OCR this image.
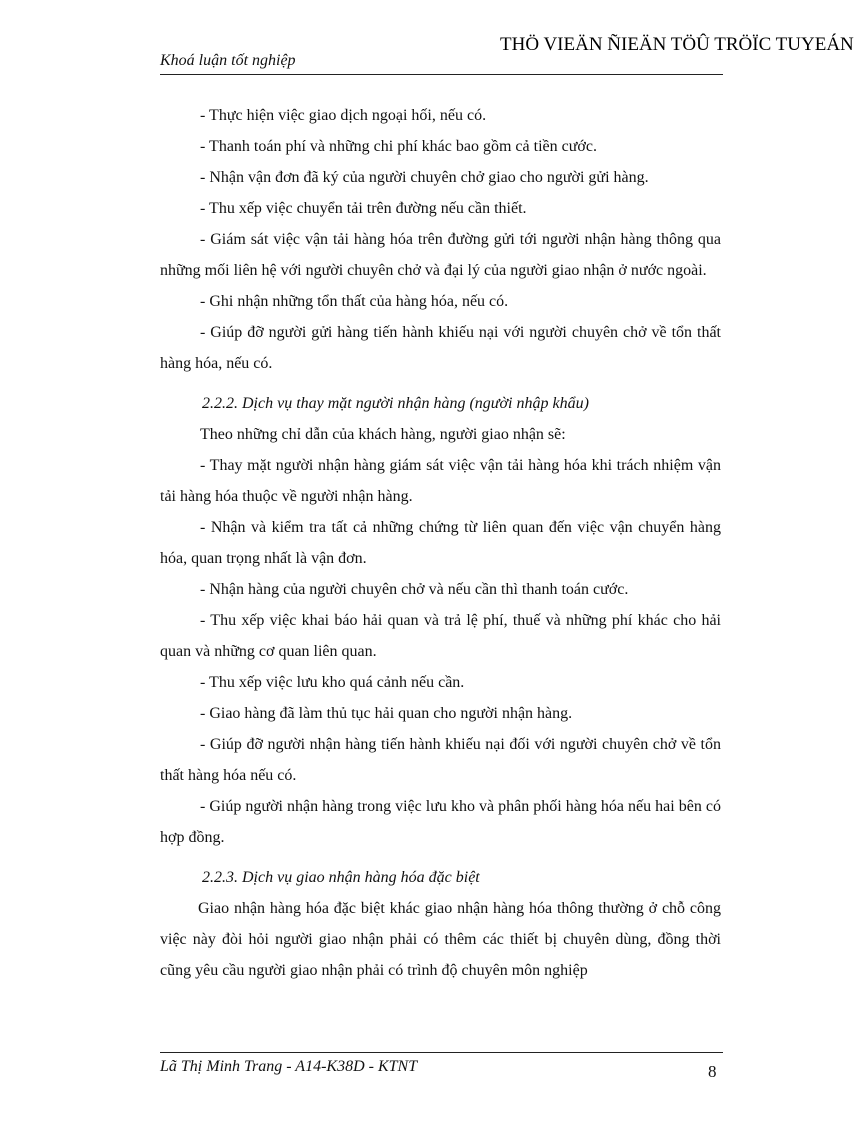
THÖ VIEÄN ÑIEÄN TÖÛ TRÖÏC TUYEÁN
Khoá luận tốt nghiệp

- Thực hiện việc giao dịch ngoại hối, nếu có.

- Thanh toán phí và những chi phí khác bao gồm cả tiền cước.

- Nhận vận đơn đã ký của người chuyên chở giao cho người gửi hàng.

- Thu xếp việc chuyển tải trên đường nếu cần thiết.

- Giám sát việc vận tải hàng hóa trên đường gửi tới người nhận hàng thông qua những mối liên hệ với người chuyên chở và đại lý của người giao nhận ở nước ngoài.

- Ghi nhận những tổn thất của hàng hóa, nếu có.

- Giúp đỡ người gửi hàng tiến hành khiếu nại với người chuyên chở về tổn thất hàng hóa, nếu có.

2.2.2. Dịch vụ thay mặt người nhận hàng (người nhập khẩu)

Theo những chỉ dẫn của khách hàng, người giao nhận sẽ:

- Thay mặt người nhận hàng giám sát việc vận tải hàng hóa khi trách nhiệm vận tải hàng hóa thuộc về người nhận hàng.

- Nhận và kiểm tra tất cả những chứng từ liên quan đến việc vận chuyển hàng hóa, quan trọng nhất là vận đơn.

- Nhận hàng của người chuyên chở và nếu cần thì thanh toán cước.

- Thu xếp việc khai báo hải quan và trả lệ phí, thuế và những phí khác cho hải quan và những cơ quan liên quan.

- Thu xếp việc lưu kho quá cảnh nếu cần.

- Giao hàng đã làm thủ tục hải quan cho người nhận hàng.

- Giúp đỡ người nhận hàng tiến hành khiếu nại đối với người chuyên chở về tổn thất hàng hóa nếu có.

- Giúp người nhận hàng trong việc lưu kho và phân phối hàng hóa nếu hai bên có hợp đồng.

2.2.3. Dịch vụ giao nhận hàng hóa đặc biệt

Giao nhận hàng hóa đặc biệt khác giao nhận hàng hóa thông thường ở chỗ công việc này đòi hỏi người giao nhận phải có thêm các thiết bị chuyên dùng, đồng thời cũng yêu cầu người giao nhận phải có trình độ chuyên môn nghiệp

Lã Thị Minh Trang - A14-K38D - KTNT	8
